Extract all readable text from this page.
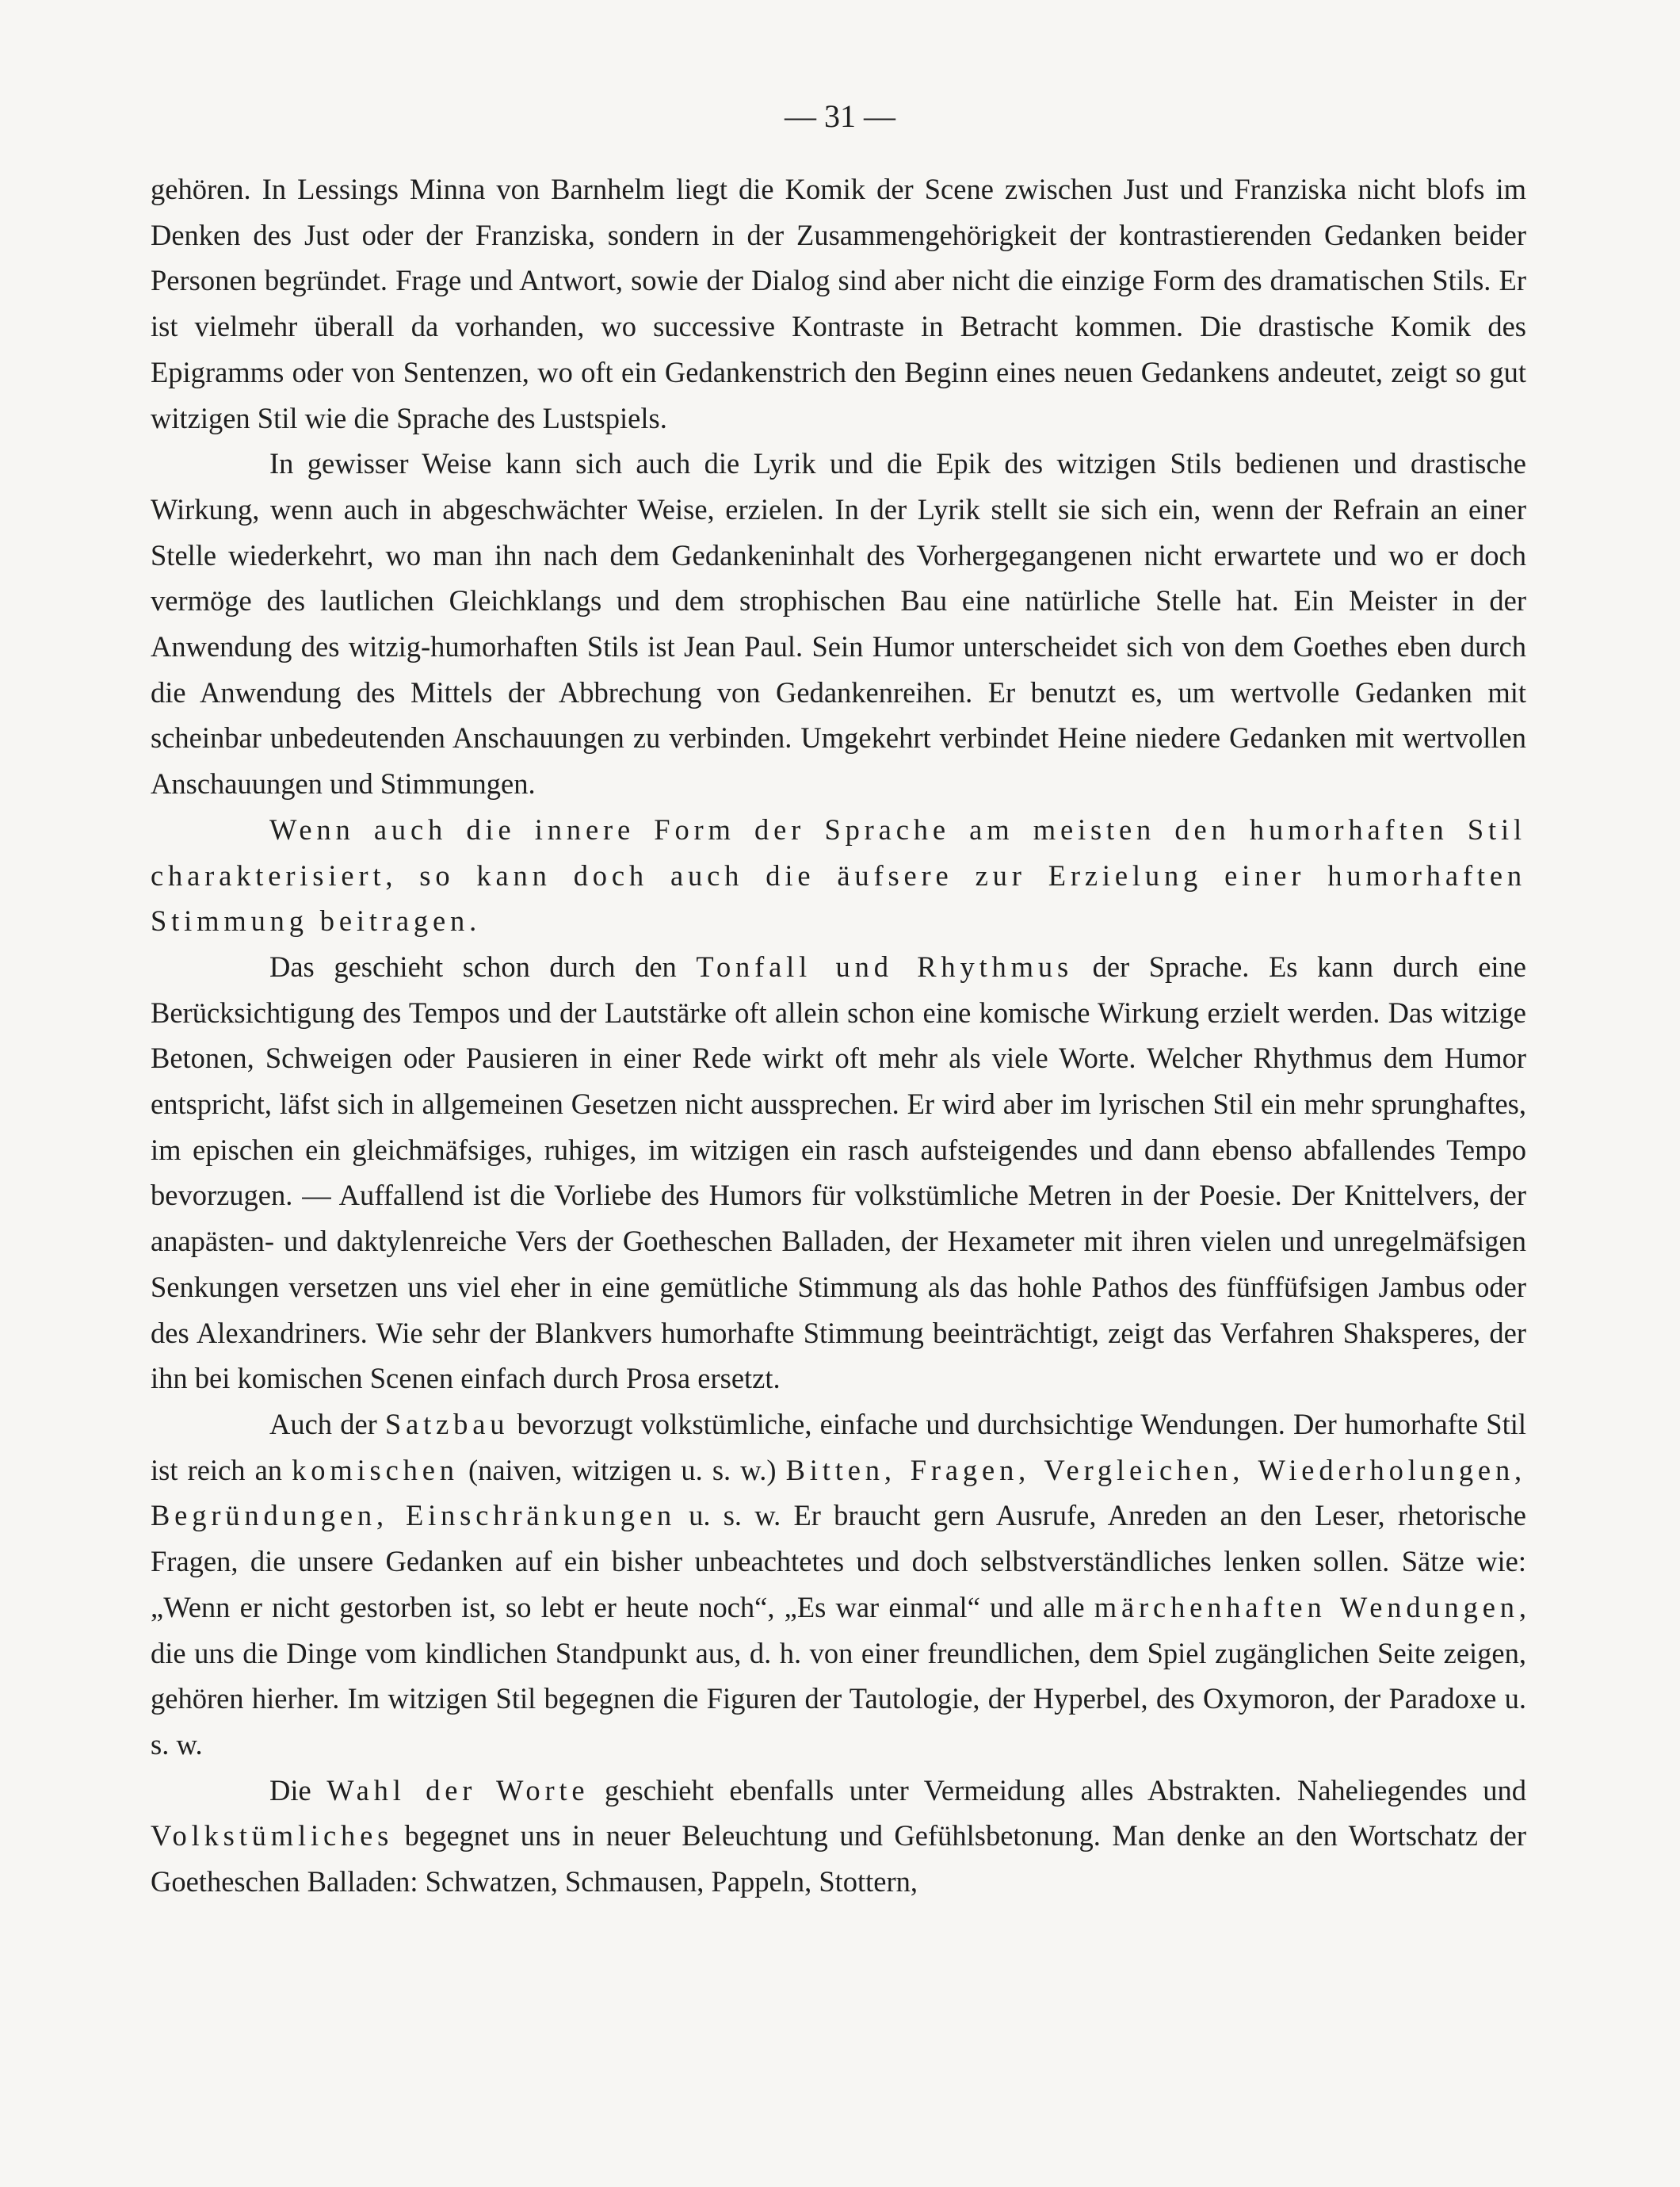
— 31 —

gehören. In Lessings Minna von Barnhelm liegt die Komik der Scene zwischen Just und Franziska nicht blofs im Denken des Just oder der Franziska, sondern in der Zusammengehörigkeit der kontrastierenden Gedanken beider Personen begründet. Frage und Antwort, sowie der Dialog sind aber nicht die einzige Form des dramatischen Stils. Er ist vielmehr überall da vorhanden, wo successive Kontraste in Betracht kommen. Die drastische Komik des Epigramms oder von Sentenzen, wo oft ein Gedankenstrich den Beginn eines neuen Gedankens andeutet, zeigt so gut witzigen Stil wie die Sprache des Lustspiels.

In gewisser Weise kann sich auch die Lyrik und die Epik des witzigen Stils bedienen und drastische Wirkung, wenn auch in abgeschwächter Weise, erzielen. In der Lyrik stellt sie sich ein, wenn der Refrain an einer Stelle wiederkehrt, wo man ihn nach dem Gedankeninhalt des Vorhergegangenen nicht erwartete und wo er doch vermöge des lautlichen Gleichklangs und dem strophischen Bau eine natürliche Stelle hat. Ein Meister in der Anwendung des witzig-humorhaften Stils ist Jean Paul. Sein Humor unterscheidet sich von dem Goethes eben durch die Anwendung des Mittels der Abbrechung von Gedankenreihen. Er benutzt es, um wertvolle Gedanken mit scheinbar unbedeutenden Anschauungen zu verbinden. Umgekehrt verbindet Heine niedere Gedanken mit wertvollen Anschauungen und Stimmungen.

Wenn auch die innere Form der Sprache am meisten den humorhaften Stil charakterisiert, so kann doch auch die äufsere zur Erzielung einer humorhaften Stimmung beitragen.

Das geschieht schon durch den Tonfall und Rhythmus der Sprache. Es kann durch eine Berücksichtigung des Tempos und der Lautstärke oft allein schon eine komische Wirkung erzielt werden. Das witzige Betonen, Schweigen oder Pausieren in einer Rede wirkt oft mehr als viele Worte. Welcher Rhythmus dem Humor entspricht, läfst sich in allgemeinen Gesetzen nicht aussprechen. Er wird aber im lyrischen Stil ein mehr sprunghaftes, im epischen ein gleichmäfsiges, ruhiges, im witzigen ein rasch aufsteigendes und dann ebenso abfallendes Tempo bevorzugen. — Auffallend ist die Vorliebe des Humors für volkstümliche Metren in der Poesie. Der Knittelvers, der anapästen- und daktylenreiche Vers der Goetheschen Balladen, der Hexameter mit ihren vielen und unregelmäfsigen Senkungen versetzen uns viel eher in eine gemütliche Stimmung als das hohle Pathos des fünffüfsigen Jambus oder des Alexandriners. Wie sehr der Blankvers humorhafte Stimmung beeinträchtigt, zeigt das Verfahren Shaksperes, der ihn bei komischen Scenen einfach durch Prosa ersetzt.

Auch der Satzbau bevorzugt volkstümliche, einfache und durchsichtige Wendungen. Der humorhafte Stil ist reich an komischen (naiven, witzigen u. s. w.) Bitten, Fragen, Vergleichen, Wiederholungen, Begründungen, Einschränkungen u. s. w. Er braucht gern Ausrufe, Anreden an den Leser, rhetorische Fragen, die unsere Gedanken auf ein bisher unbeachtetes und doch selbstverständliches lenken sollen. Sätze wie: „Wenn er nicht gestorben ist, so lebt er heute noch“, „Es war einmal“ und alle märchenhaften Wendungen, die uns die Dinge vom kindlichen Standpunkt aus, d. h. von einer freundlichen, dem Spiel zugänglichen Seite zeigen, gehören hierher. Im witzigen Stil begegnen die Figuren der Tautologie, der Hyperbel, des Oxymoron, der Paradoxe u. s. w.

Die Wahl der Worte geschieht ebenfalls unter Vermeidung alles Abstrakten. Naheliegendes und Volkstümliches begegnet uns in neuer Beleuchtung und Gefühlsbetonung. Man denke an den Wortschatz der Goetheschen Balladen: Schwatzen, Schmausen, Pappeln, Stottern,
